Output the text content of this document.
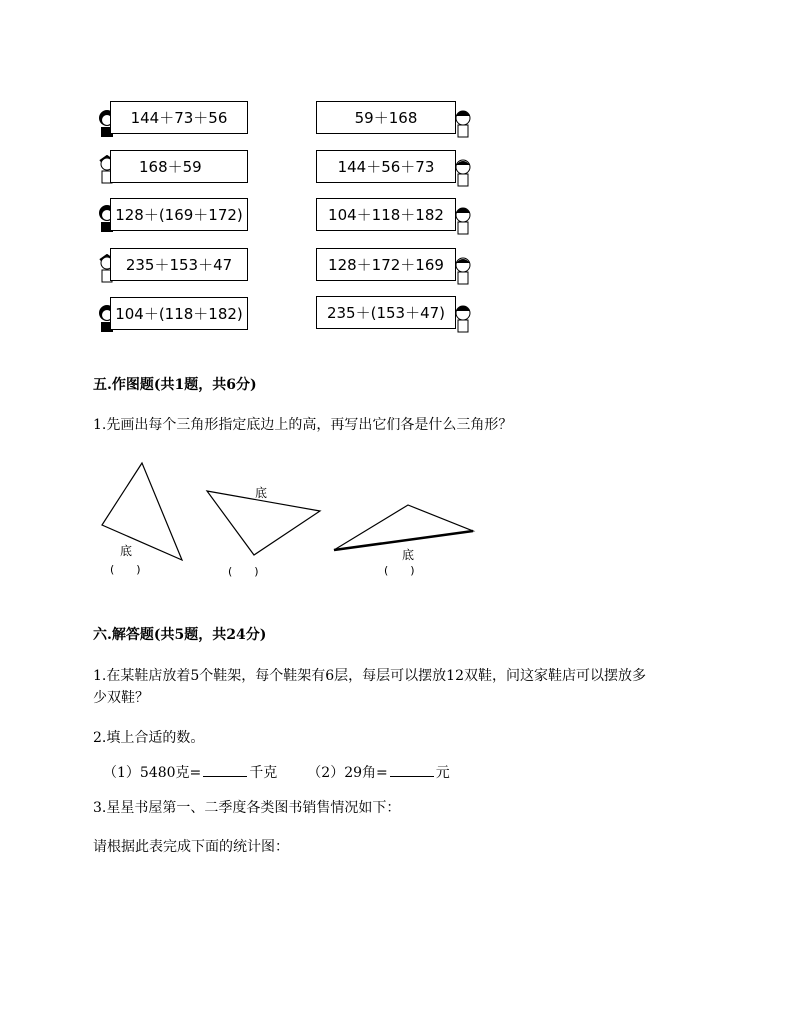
144＋73＋56
168＋59
128＋(169＋172)
235＋153＋47
104＋(118＋182)
59＋168
144＋56＋73
104＋118＋182
128＋172＋169
235＋(153＋47)
五.作图题(共1题，共6分)
1.先画出每个三角形指定底边上的高，再写出它们各是什么三角形？
底
(　　)
底
(　　)
底
(　　)
六.解答题(共5题，共24分)
1.在某鞋店放着5个鞋架，每个鞋架有6层，每层可以摆放12双鞋，问这家鞋店可以摆放多
少双鞋？
2.填上合适的数。
（1）5480克=	千克 （2）29角=	元
3.星星书屋第一、二季度各类图书销售情况如下：
请根据此表完成下面的统计图：
